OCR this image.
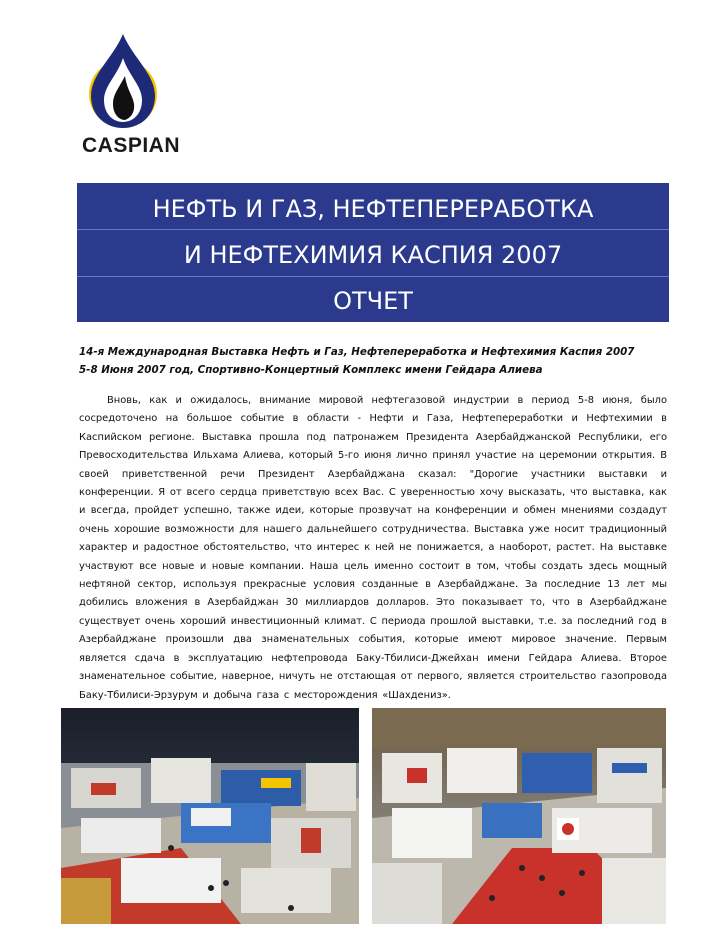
CASPIAN
НЕФТЬ И ГАЗ, НЕФТЕПЕРЕРАБОТКА
И НЕФТЕХИМИЯ КАСПИЯ 2007
ОТЧЕТ
14-я Международная Выставка Нефть и Газ, Нефтепереработка и Нефтехимия Каспия 2007
5-8 Июня 2007 год, Спортивно-Концертный Комплекс имени Гейдара Алиева
Вновь, как и ожидалось, внимание мировой нефтегазовой индустрии в период 5-8 июня, было сосредоточено на большое событие в области - Нефти и Газа, Нефтепереработки и Нефтехимии в Каспийском регионе. Выставка прошла под патронажем Президента Азербайджанской Республики, его Превосходительства Ильхама Алиева, который 5-го июня лично принял участие на церемонии открытия. В своей приветственной речи Президент Азербайджана сказал: "Дорогие участники выставки и конференции. Я от всего сердца приветствую всех Вас. С уверенностью хочу высказать, что выставка, как и всегда, пройдет успешно, также идеи, которые прозвучат на конференции и обмен мнениями создадут очень хорошие возможности для нашего дальнейшего сотрудничества. Выставка уже носит традиционный характер и радостное обстоятельство, что интерес к ней не понижается, а наоборот, растет. На выставке участвуют все новые и новые компании. Наша цель именно состоит в том, чтобы создать здесь мощный нефтяной сектор, используя прекрасные условия созданные в Азербайджане. За последние 13 лет мы добились вложения в Азербайджан 30 миллиардов долларов. Это показывает то, что в Азербайджане существует очень хороший инвестиционный климат. С периода прошлой выставки, т.е. за последний год в Азербайджане произошли два знаменательных события, которые имеют мировое значение. Первым является сдача в эксплуатацию нефтепровода Баку-Тбилиси-Джейхан имени Гейдара Алиева. Второе знаменательное событие, наверное, ничуть не отстающая от первого, является строительство газопровода Баку-Тбилиси-Эрзурум и добыча газа с месторождения «Шахдениз».
